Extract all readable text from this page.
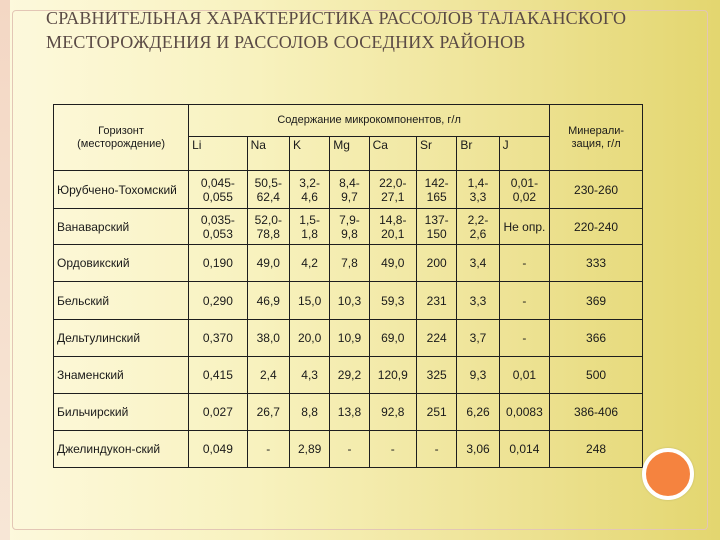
СРАВНИТЕЛЬНАЯ ХАРАКТЕРИСТИКА РАССОЛОВ ТАЛАКАНСКОГО МЕСТОРОЖДЕНИЯ И РАССОЛОВ СОСЕДНИХ РАЙОНОВ
Горизонт (месторождение)	Содержание микрокомпонентов, г/л								Минерали-зация, г/л
	Li	Na	K	Mg	Ca	Sr	Br	J	
Юрубчено-Тохомский	0,045-0,055	50,5-62,4	3,2-4,6	8,4-9,7	22,0-27,1	142-165	1,4-3,3	0,01-0,02	230-260
Ванаварский	0,035-0,053	52,0-78,8	1,5-1,8	7,9-9,8	14,8-20,1	137-150	2,2-2,6	Не опр.	220-240
Ордовикский	0,190	49,0	4,2	7,8	49,0	200	3,4	-	333
Бельский	0,290	46,9	15,0	10,3	59,3	231	3,3	-	369
Дельтулинский	0,370	38,0	20,0	10,9	69,0	224	3,7	-	366
Знаменский	0,415	2,4	4,3	29,2	120,9	325	9,3	0,01	500
Бильчирский	0,027	26,7	8,8	13,8	92,8	251	6,26	0,0083	386-406
Джелиндукон-ский	0,049	-	2,89	-	-	-	3,06	0,014	248
